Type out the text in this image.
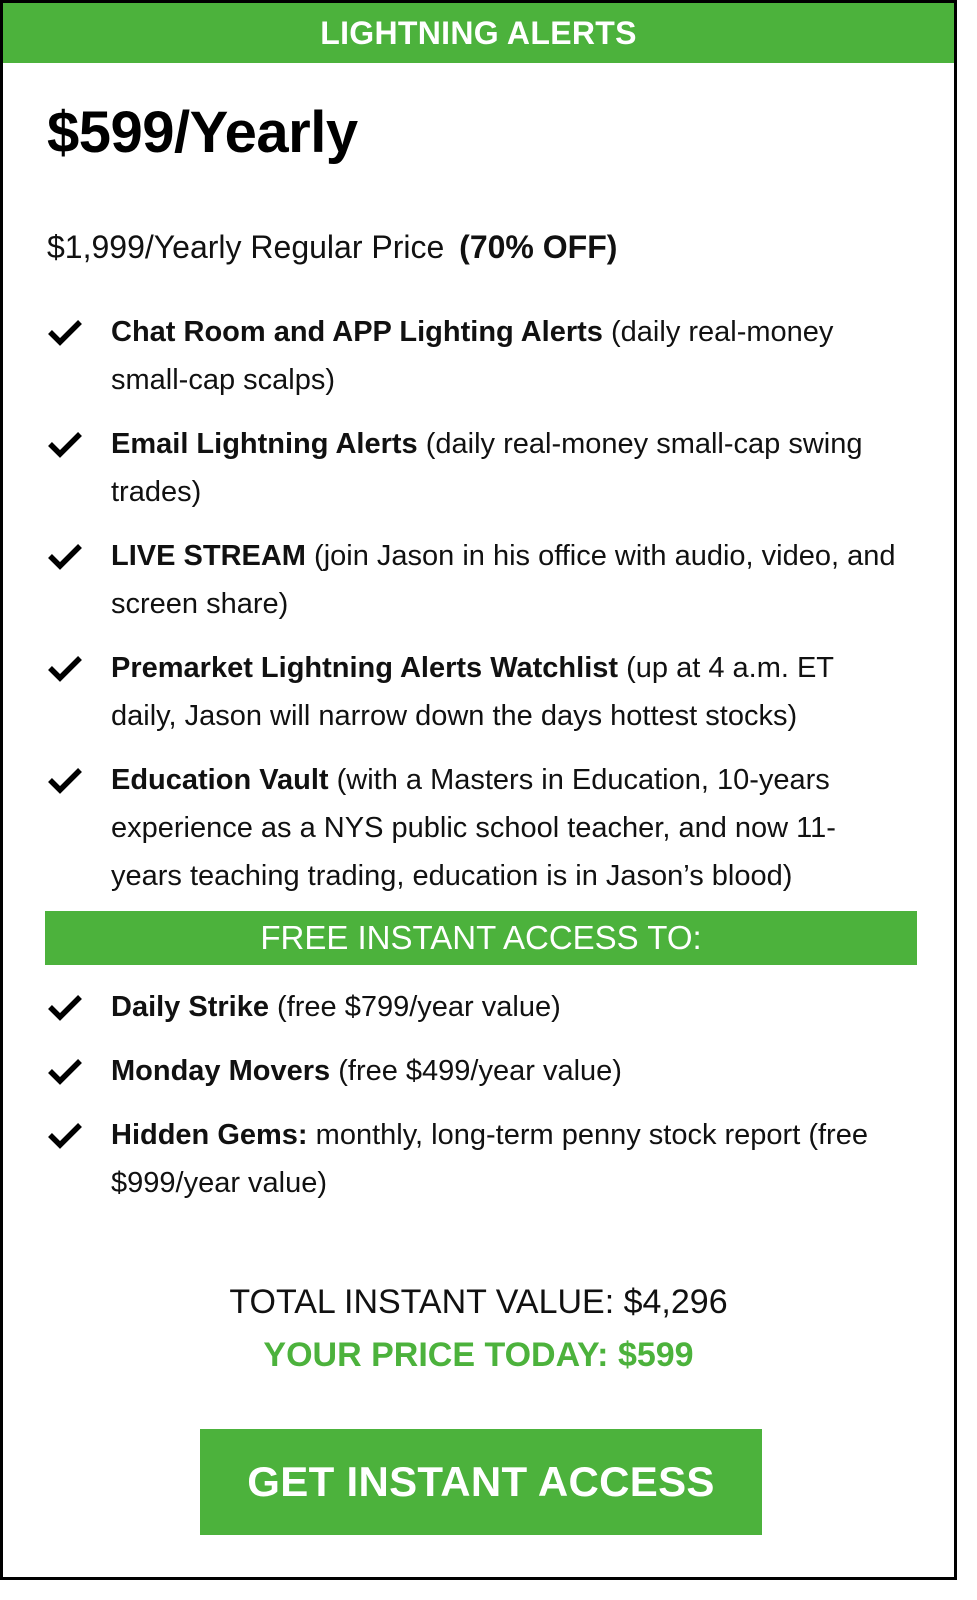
LIGHTNING ALERTS
$599/Yearly
$1,999/Yearly Regular Price (70% OFF)
Chat Room and APP Lighting Alerts (daily real-money small-cap scalps)
Email Lightning Alerts (daily real-money small-cap swing trades)
LIVE STREAM (join Jason in his office with audio, video, and screen share)
Premarket Lightning Alerts Watchlist (up at 4 a.m. ET daily, Jason will narrow down the days hottest stocks)
Education Vault (with a Masters in Education, 10-years experience as a NYS public school teacher, and now 11-years teaching trading, education is in Jason’s blood)
FREE INSTANT ACCESS TO:
Daily Strike (free $799/year value)
Monday Movers (free $499/year value)
Hidden Gems: monthly, long-term penny stock report (free $999/year value)
TOTAL INSTANT VALUE: $4,296
YOUR PRICE TODAY: $599
GET INSTANT ACCESS
